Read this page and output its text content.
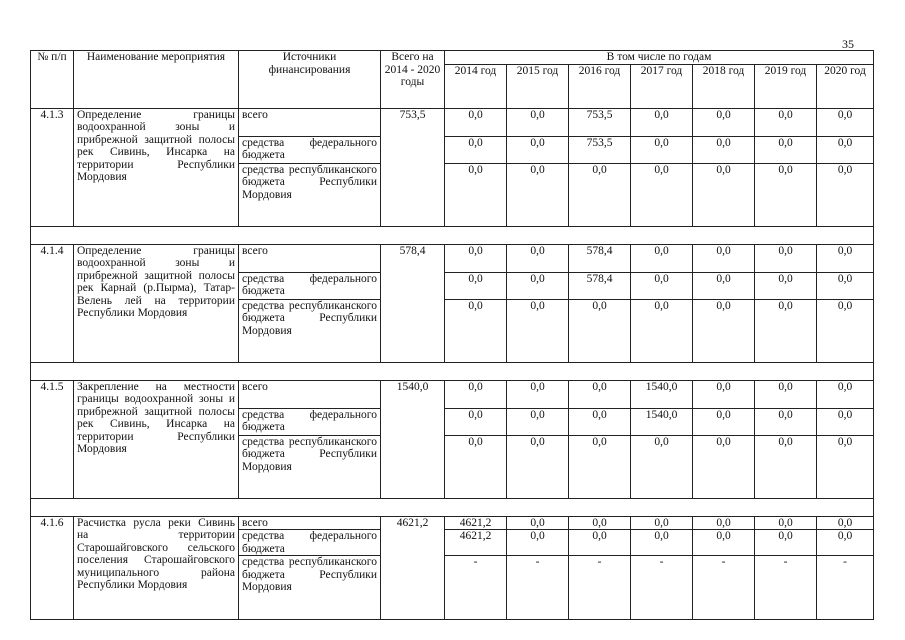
35
№ п/п	Наименование мероприятия	Источники финансирования	Всего на 2014 - 2020 годы	В том числе по годам						
				2014 год	2015 год	2016 год	2017 год	2018 год	2019 год	2020 год
4.1.3	Определение границы водоохранной зоны и прибрежной защитной полосы рек Сивинь, Инсарка на территории Республики Мордовия	всего	753,5	0,0	0,0	753,5	0,0	0,0	0,0	0,0
		средства федерального бюджета		0,0	0,0	753,5	0,0	0,0	0,0	0,0
		средства республиканского бюджета Республики Мордовия		0,0	0,0	0,0	0,0	0,0	0,0	0,0

4.1.4	Определение границы водоохранной зоны и прибрежной защитной полосы рек Карнай (р.Пырма), Татар-Велень лей на территории Республики Мордовия	всего	578,4	0,0	0,0	578,4	0,0	0,0	0,0	0,0
		средства федерального бюджета		0,0	0,0	578,4	0,0	0,0	0,0	0,0
		средства республиканского бюджета Республики Мордовия		0,0	0,0	0,0	0,0	0,0	0,0	0,0

4.1.5	Закрепление на местности границы водоохранной зоны и прибрежной защитной полосы рек Сивинь, Инсарка на территории Республики Мордовия	всего	1540,0	0,0	0,0	0,0	1540,0	0,0	0,0	0,0
		средства федерального бюджета		0,0	0,0	0,0	1540,0	0,0	0,0	0,0
		средства республиканского бюджета Республики Мордовия		0,0	0,0	0,0	0,0	0,0	0,0	0,0

4.1.6	Расчистка русла реки Сивинь на территории Старошайговского сельского поселения Старошайговского муниципального района Республики Мордовия	всего	4621,2	4621,2	0,0	0,0	0,0	0,0	0,0	0,0
		средства федерального бюджета		4621,2	0,0	0,0	0,0	0,0	0,0	0,0
		средства республиканского бюджета Республики Мордовия		-	-	-	-	-	-	-
